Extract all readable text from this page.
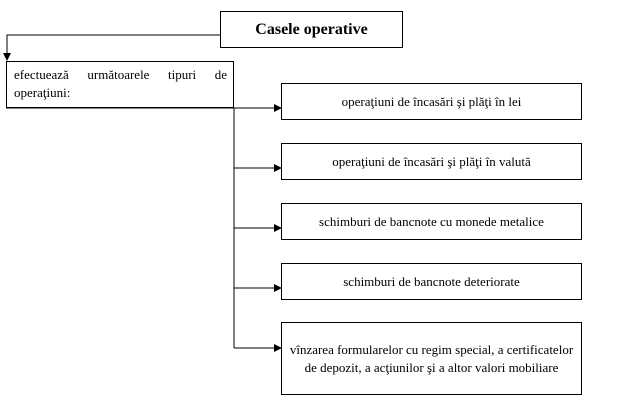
Casele operative
efectuează următoarele tipuri de
operaţiuni:
operaţiuni de încasări şi plăţi în lei
operaţiuni de încasări şi plăţi în valută
schimburi de bancnote cu monede metalice
schimburi de bancnote deteriorate
vînzarea formularelor cu regim special, a certificatelor de depozit, a acţiunilor şi a altor valori mobiliare
